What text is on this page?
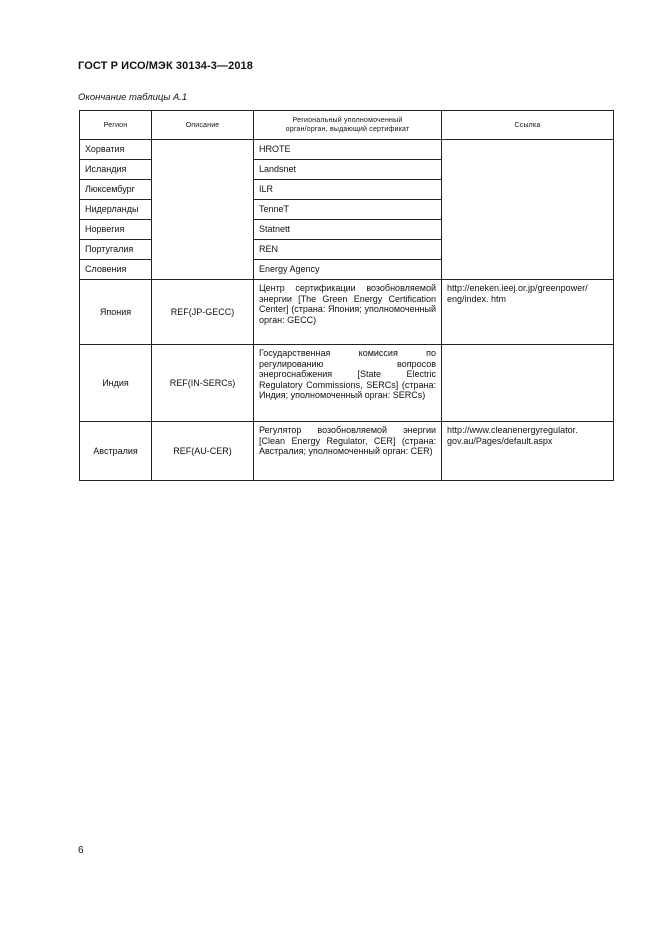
ГОСТ Р ИСО/МЭК 30134-3—2018
Окончание таблицы А.1
Регион	Описание	Региональный уполномоченный
орган/орган, выдающий сертификат	Ссылка
Хорватия		HROTE	
Исландия		Landsnet	
Люксембург		ILR	
Нидерланды		TenneT	
Норвегия		Statnett	
Португалия		REN	
Словения		Energy Agency	
Япония	REF(JP-GECC)	Центр сертификации возобновляемой энергии [The Green Energy Certification Center] (страна: Япония; уполномоченный орган: GECC)	http://eneken.ieej.or.jp/greenpower/
eng/index. htm
Индия	REF(IN-SERCs)	Государственная комиссия по регулированию вопросов энергоснабжения [State Electric Regulatory Commissions, SERCs] (страна: Индия; уполномоченный орган: SERCs)	
Австралия	REF(AU-CER)	Регулятор возобновляемой энергии [Clean Energy Regulator, CER] (страна: Австралия; уполномоченный орган: CER)	http://www.cleanenergyregulator.
gov.au/Pages/default.aspx
6
